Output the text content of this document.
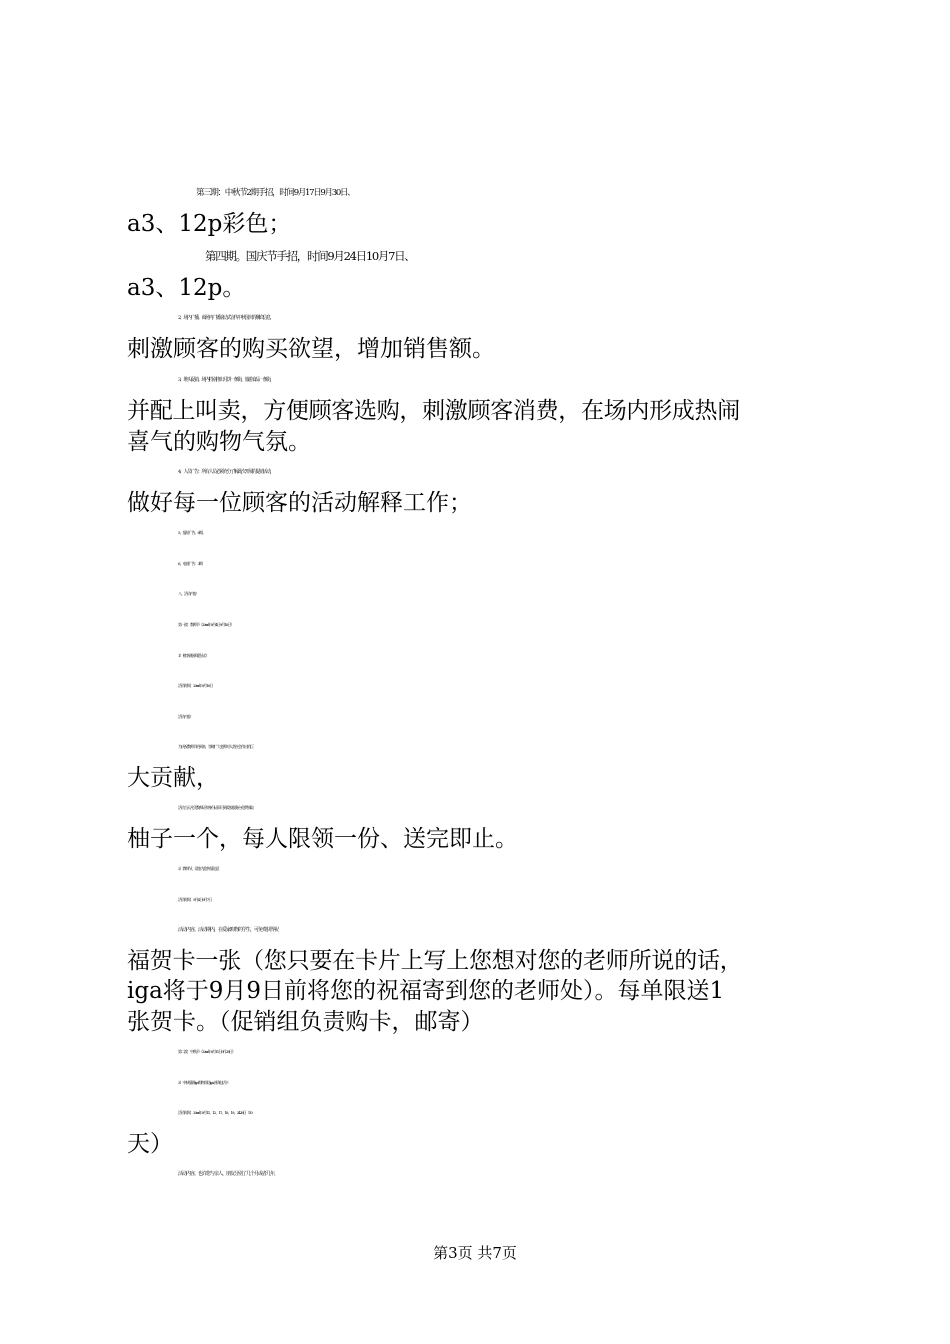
第三期：中秋节2期手招，时间9月17日9月30日、
a3、12p彩色；
第四期。国庆节手招，时间9月24日10月7日、
a3、12p。
2、场内广播。商场内广播滚动式宣传中秋国庆的酬宾信息，
刺激顾客的购买欲望，增加销售额。
3、堆头促销。场内特别推出月饼一条街、旅游食品一条街，
并配上叫卖，方便顾客选购，刺激顾客消费，在场内形成热闹
喜气的购物气氛。
4、人员广告：所有人员必须充分了解此次开展的促销活动，
做好每一位顾客的活动解释工作；
5、报纸广告。6期。
6、电视广告：3期
八、活动内容
第一波：教师节（20xx年9月4日9月10日）
1）桃李满园师恩永存
活动时间：20xx年9月10日
活动内容：
为庆祝教师节的到来，答谢广大老师对人类社会作出的巨
大贡献，
活动当天凡凭教师证和身份证即可到爱家服务台免费领取
柚子一个，每人限领一份、送完即止。
2）教师节，爱家为您传情达意
活动时间：9月4日9月7日
活动内容。活动期内，在爱家购物的学生，可免费获得祝
福贺卡一张（您只要在卡片上写上您想对您的老师所说的话，
iga将于9月9日前将您的祝福寄到您的老师处）。每单限送1
张贺卡。（促销组负责购卡，邮寄）
第二波：中秋节（20xx年9月11日9月28日）
3）中秋情满iga购物即送iga亲情电话卡
活动时间：20xx年9月11、12、17、18、19、2428日（10
天）
活动内容。也许您与亲人、朋友分别了几个月或者几年，
第3页 共7页
